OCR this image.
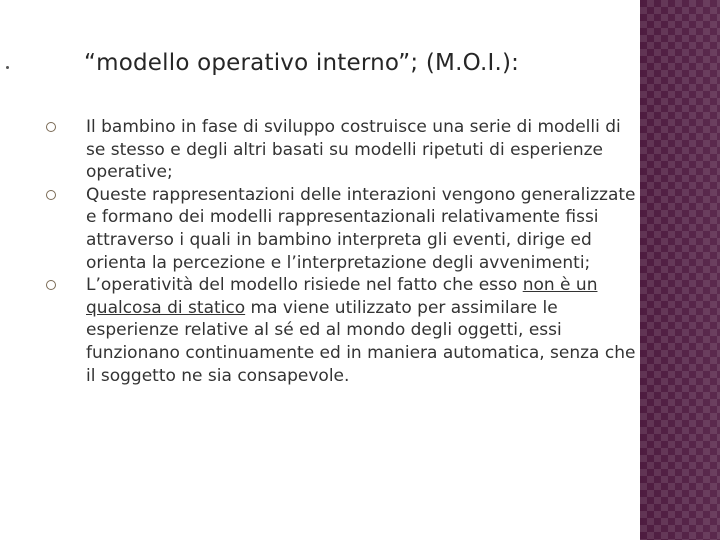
“modello operativo interno”; (M.O.I.):
Il bambino in fase di sviluppo costruisce una serie di modelli di se stesso e degli altri basati su modelli ripetuti di esperienze operative;
Queste rappresentazioni delle interazioni vengono generalizzate e formano dei modelli rappresentazionali relativamente fissi attraverso i quali in bambino interpreta gli eventi, dirige ed orienta la percezione e l’interpretazione degli avvenimenti;
L’operatività del modello risiede nel fatto che esso non è un qualcosa di statico ma viene utilizzato per assimilare le esperienze relative al sé ed al mondo degli oggetti, essi funzionano continuamente ed in maniera automatica, senza che il soggetto ne sia consapevole.
